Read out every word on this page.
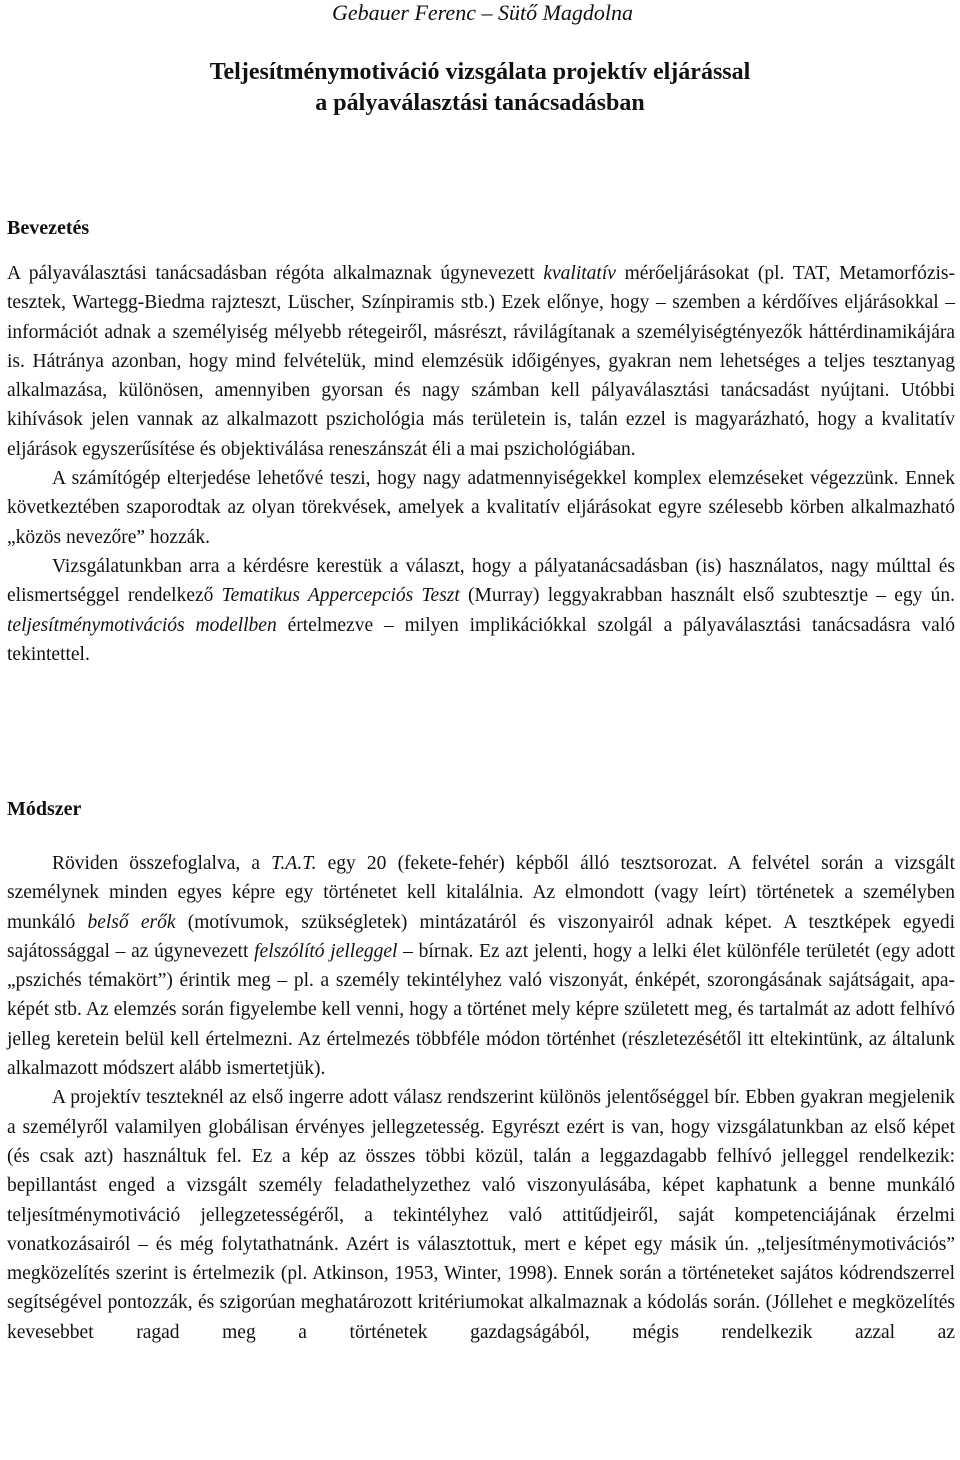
Gebauer Ferenc – Sütő Magdolna
Teljesítménymotiváció vizsgálata projektív eljárással
a pályaválasztási tanácsadásban
Bevezetés

A pályaválasztási tanácsadásban régóta alkalmaznak úgynevezett kvalitatív mérőeljárásokat (pl. TAT, Metamorfózis-tesztek, Wartegg-Biedma rajzteszt, Lüscher, Színpiramis stb.) Ezek előnye, hogy – szemben a kérdőíves eljárásokkal – információt adnak a személyiség mélyebb rétegeiről, másrészt, rávilágítanak a személyiségtényezők háttérdinamikájára is. Hátránya azonban, hogy mind felvételük, mind elemzésük időigényes, gyakran nem lehetséges a teljes tesztanyag alkalmazása, különösen, amennyiben gyorsan és nagy számban kell pályaválasztási tanácsadást nyújtani. Utóbbi kihívások jelen vannak az alkalmazott pszichológia más területein is, talán ezzel is magyarázható, hogy a kvalitatív eljárások egyszerűsítése és objektiválása reneszánszát éli a mai pszichológiában.

A számítógép elterjedése lehetővé teszi, hogy nagy adatmennyiségekkel komplex elemzéseket végezzünk. Ennek következtében szaporodtak az olyan törekvések, amelyek a kvalitatív eljárásokat egyre szélesebb körben alkalmazható „közös nevezőre” hozzák.

Vizsgálatunkban arra a kérdésre kerestük a választ, hogy a pályatanácsadásban (is) használatos, nagy múlttal és elismertséggel rendelkező Tematikus Appercepciós Teszt (Murray) leggyakrabban használt első szubtesztje – egy ún. teljesítménymotivációs modellben értelmezve – milyen implikációkkal szolgál a pályaválasztási tanácsadásra való tekintettel.

Módszer

Röviden összefoglalva, a T.A.T. egy 20 (fekete-fehér) képből álló tesztsorozat. A felvétel során a vizsgált személynek minden egyes képre egy történetet kell kitalálnia. Az elmondott (vagy leírt) történetek a személyben munkáló belső erők (motívumok, szükségletek) mintázatáról és viszonyairól adnak képet. A tesztképek egyedi sajátossággal – az úgynevezett felszólító jelleggel – bírnak. Ez azt jelenti, hogy a lelki élet különféle területét (egy adott „pszichés témakört”) érintik meg – pl. a személy tekintélyhez való viszonyát, énképét, szorongásának sajátságait, apa-képét stb. Az elemzés során figyelembe kell venni, hogy a történet mely képre született meg, és tartalmát az adott felhívó jelleg keretein belül kell értelmezni. Az értelmezés többféle módon történhet (részletezésétől itt eltekintünk, az általunk alkalmazott módszert alább ismertetjük).

A projektív teszteknél az első ingerre adott válasz rendszerint különös jelentőséggel bír. Ebben gyakran megjelenik a személyről valamilyen globálisan érvényes jellegzetesség. Egyrészt ezért is van, hogy vizsgálatunkban az első képet (és csak azt) használtuk fel. Ez a kép az összes többi közül, talán a leggazdagabb felhívó jelleggel rendelkezik: bepillantást enged a vizsgált személy feladathelyzethez való viszonyulásába, képet kaphatunk a benne munkáló teljesítménymotiváció jellegzetességéről, a tekintélyhez való attitűdjeiről, saját kompetenciájának érzelmi vonatkozásairól – és még folytathatnánk. Azért is választottuk, mert e képet egy másik ún. „teljesítménymotivációs” megközelítés szerint is értelmezik (pl. Atkinson, 1953, Winter, 1998). Ennek során a történeteket sajátos kódrendszerrel segítségével pontozzák, és szigorúan meghatározott kritériumokat alkalmaznak a kódolás során. (Jóllehet e megközelítés kevesebbet ragad meg a történetek gazdagságából, mégis rendelkezik azzal az
